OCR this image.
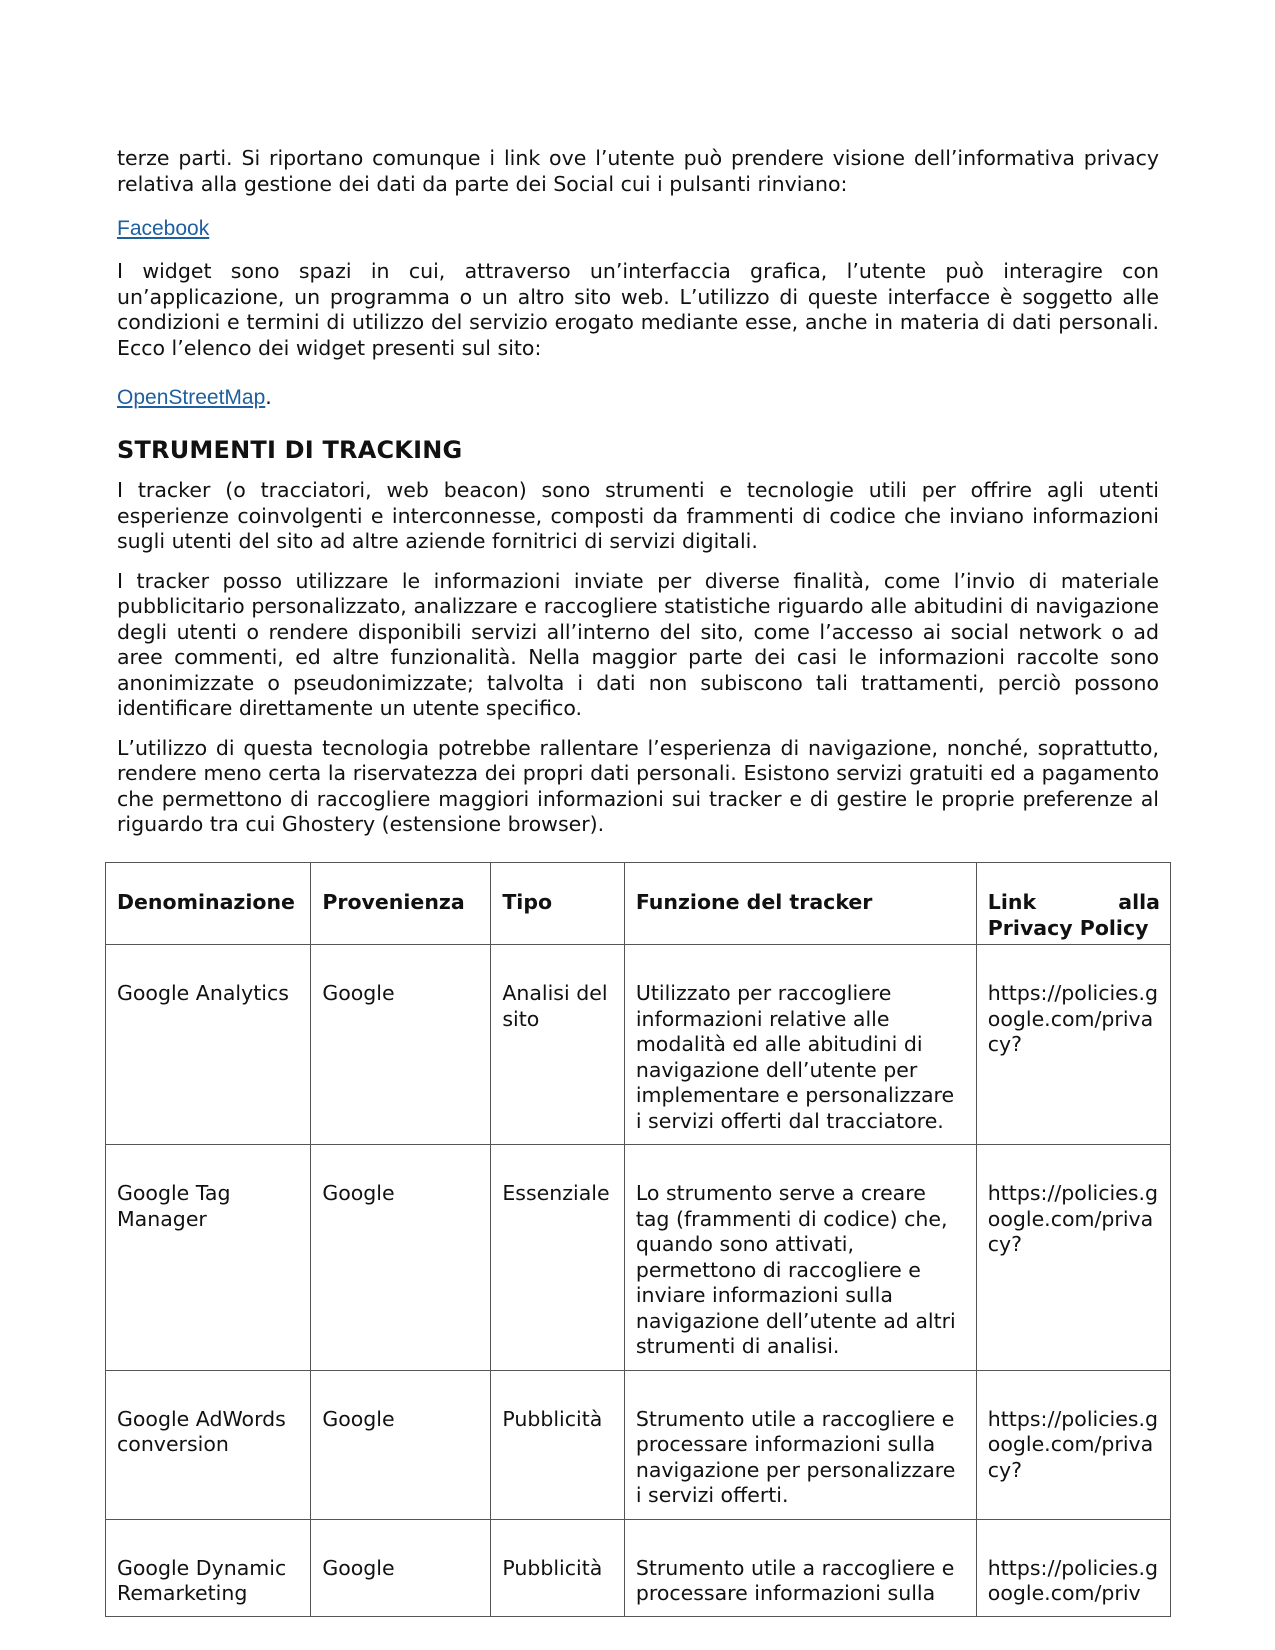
terze parti. Si riportano comunque i link ove l’utente può prendere visione dell’informativa privacy relativa alla gestione dei dati da parte dei Social cui i pulsanti rinviano:

Facebook

I widget sono spazi in cui, attraverso un’interfaccia grafica, l’utente può interagire con un’applicazione, un programma o un altro sito web. L’utilizzo di queste interfacce è soggetto alle condizioni e termini di utilizzo del servizio erogato mediante esse, anche in materia di dati personali. Ecco l’elenco dei widget presenti sul sito:

OpenStreetMap.

STRUMENTI DI TRACKING

I tracker (o tracciatori, web beacon) sono strumenti e tecnologie utili per offrire agli utenti esperienze coinvolgenti e interconnesse, composti da frammenti di codice che inviano informazioni sugli utenti del sito ad altre aziende fornitrici di servizi digitali.

I tracker posso utilizzare le informazioni inviate per diverse finalità, come l’invio di materiale pubblicitario personalizzato, analizzare e raccogliere statistiche riguardo alle abitudini di navigazione degli utenti o rendere disponibili servizi all’interno del sito, come l’accesso ai social network o ad aree commenti, ed altre funzionalità. Nella maggior parte dei casi le informazioni raccolte sono anonimizzate o pseudonimizzate; talvolta i dati non subiscono tali trattamenti, perciò possono identificare direttamente un utente specifico.

L’utilizzo di questa tecnologia potrebbe rallentare l’esperienza di navigazione, nonché, soprattutto, rendere meno certa la riservatezza dei propri dati personali. Esistono servizi gratuiti ed a pagamento che permettono di raccogliere maggiori informazioni sui tracker e di gestire le proprie preferenze al riguardo tra cui Ghostery (estensione browser).

Denominazione	Provenienza	Tipo	Funzione del tracker	Link alla
Privacy Policy
Google Analytics	Google	Analisi del sito	Utilizzato per raccogliere informazioni relative alle modalità ed alle abitudini di navigazione dell’utente per implementare e personalizzare i servizi offerti dal tracciatore.	https://policies.google.com/privacy?
Google Tag Manager	Google	Essenziale	Lo strumento serve a creare tag (frammenti di codice) che, quando sono attivati, permettono di raccogliere e inviare informazioni sulla navigazione dell’utente ad altri strumenti di analisi.	https://policies.google.com/privacy?
Google AdWords conversion	Google	Pubblicità	Strumento utile a raccogliere e processare informazioni sulla navigazione per personalizzare i servizi offerti.	https://policies.google.com/privacy?
Google Dynamic Remarketing	Google	Pubblicità	Strumento utile a raccogliere e processare informazioni sulla	https://policies.google.com/priv
